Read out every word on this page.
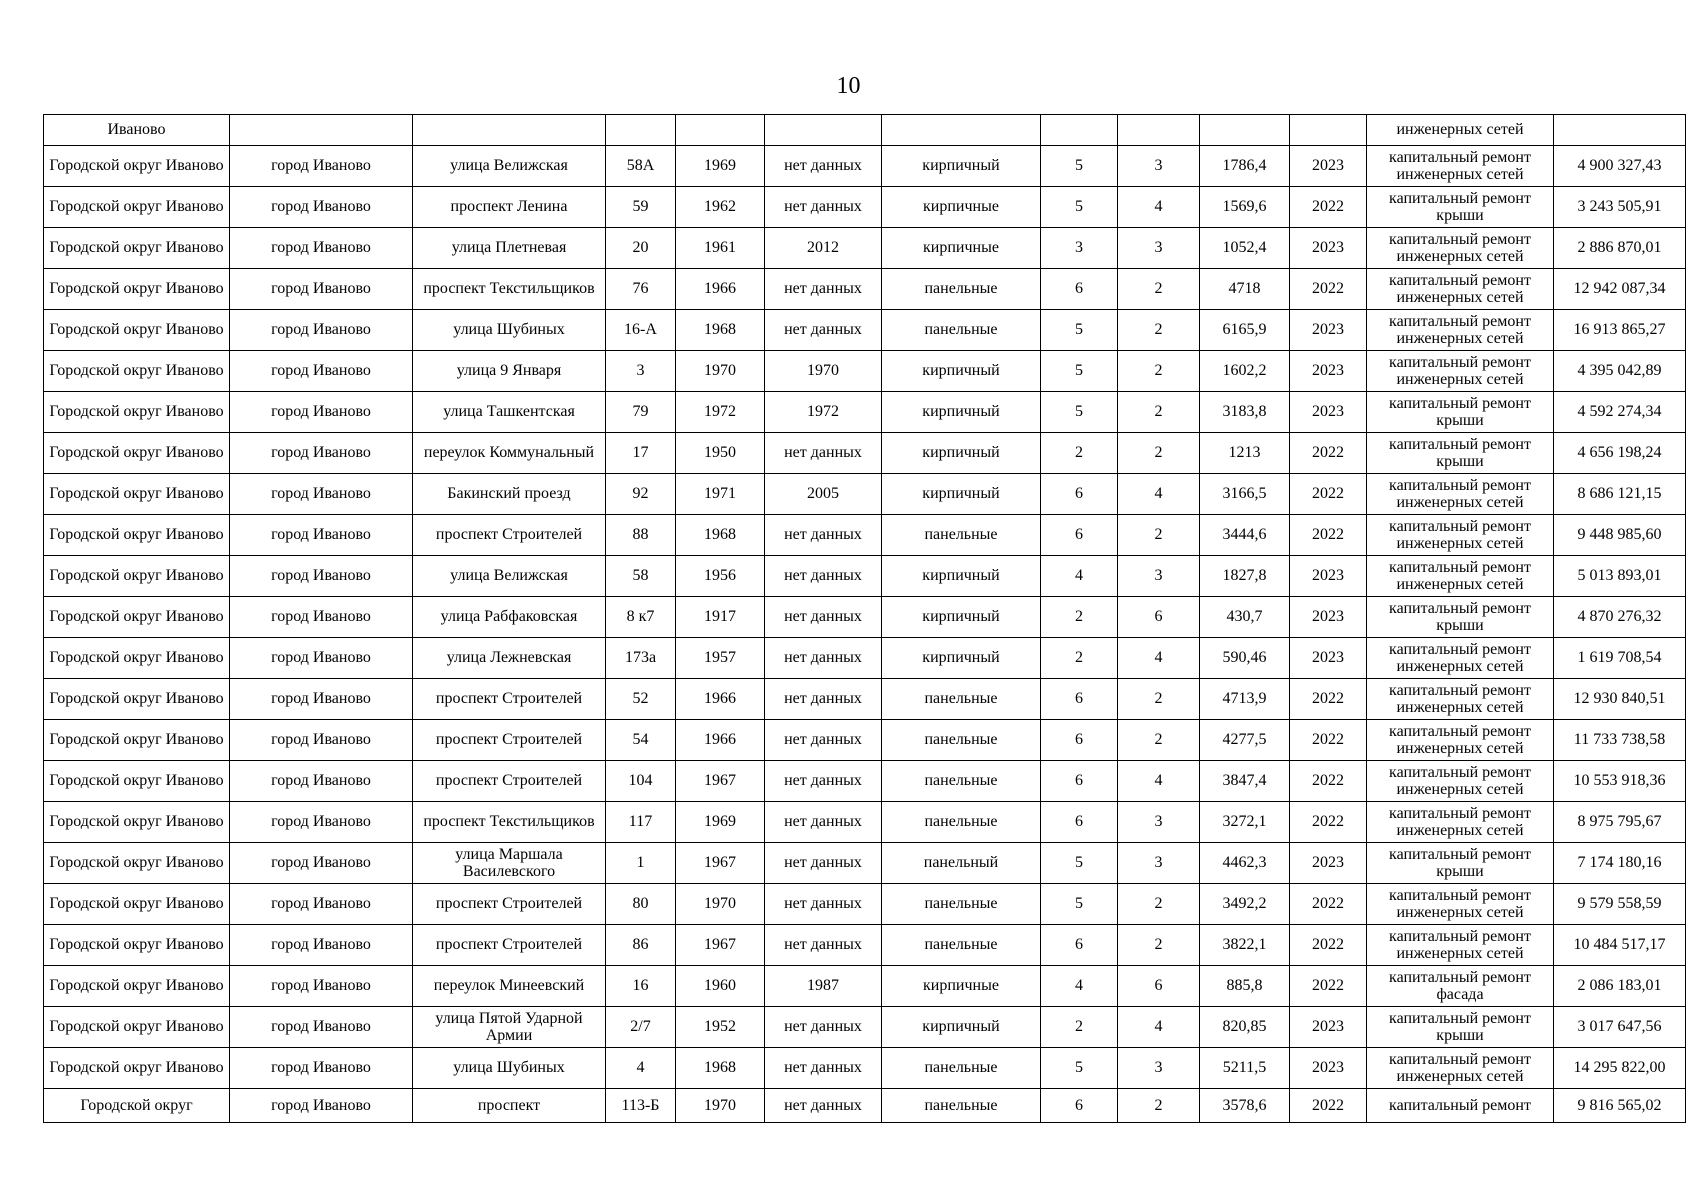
10
Иваново											инженерных сетей	
Городской округ Иваново	город Иваново	улица Велижская	58А	1969	нет данных	кирпичный	5	3	1786,4	2023	капитальный ремонт инженерных сетей	4 900 327,43
Городской округ Иваново	город Иваново	проспект Ленина	59	1962	нет данных	кирпичные	5	4	1569,6	2022	капитальный ремонт крыши	3 243 505,91
Городской округ Иваново	город Иваново	улица Плетневая	20	1961	2012	кирпичные	3	3	1052,4	2023	капитальный ремонт инженерных сетей	2 886 870,01
Городской округ Иваново	город Иваново	проспект Текстильщиков	76	1966	нет данных	панельные	6	2	4718	2022	капитальный ремонт инженерных сетей	12 942 087,34
Городской округ Иваново	город Иваново	улица Шубиных	16-А	1968	нет данных	панельные	5	2	6165,9	2023	капитальный ремонт инженерных сетей	16 913 865,27
Городской округ Иваново	город Иваново	улица 9 Января	3	1970	1970	кирпичный	5	2	1602,2	2023	капитальный ремонт инженерных сетей	4 395 042,89
Городской округ Иваново	город Иваново	улица Ташкентская	79	1972	1972	кирпичный	5	2	3183,8	2023	капитальный ремонт крыши	4 592 274,34
Городской округ Иваново	город Иваново	переулок Коммунальный	17	1950	нет данных	кирпичный	2	2	1213	2022	капитальный ремонт крыши	4 656 198,24
Городской округ Иваново	город Иваново	Бакинский проезд	92	1971	2005	кирпичный	6	4	3166,5	2022	капитальный ремонт инженерных сетей	8 686 121,15
Городской округ Иваново	город Иваново	проспект Строителей	88	1968	нет данных	панельные	6	2	3444,6	2022	капитальный ремонт инженерных сетей	9 448 985,60
Городской округ Иваново	город Иваново	улица Велижская	58	1956	нет данных	кирпичный	4	3	1827,8	2023	капитальный ремонт инженерных сетей	5 013 893,01
Городской округ Иваново	город Иваново	улица Рабфаковская	8 к7	1917	нет данных	кирпичный	2	6	430,7	2023	капитальный ремонт крыши	4 870 276,32
Городской округ Иваново	город Иваново	улица Лежневская	173а	1957	нет данных	кирпичный	2	4	590,46	2023	капитальный ремонт инженерных сетей	1 619 708,54
Городской округ Иваново	город Иваново	проспект Строителей	52	1966	нет данных	панельные	6	2	4713,9	2022	капитальный ремонт инженерных сетей	12 930 840,51
Городской округ Иваново	город Иваново	проспект Строителей	54	1966	нет данных	панельные	6	2	4277,5	2022	капитальный ремонт инженерных сетей	11 733 738,58
Городской округ Иваново	город Иваново	проспект Строителей	104	1967	нет данных	панельные	6	4	3847,4	2022	капитальный ремонт инженерных сетей	10 553 918,36
Городской округ Иваново	город Иваново	проспект Текстильщиков	117	1969	нет данных	панельные	6	3	3272,1	2022	капитальный ремонт инженерных сетей	8 975 795,67
Городской округ Иваново	город Иваново	улица Маршала Василевского	1	1967	нет данных	панельный	5	3	4462,3	2023	капитальный ремонт крыши	7 174 180,16
Городской округ Иваново	город Иваново	проспект Строителей	80	1970	нет данных	панельные	5	2	3492,2	2022	капитальный ремонт инженерных сетей	9 579 558,59
Городской округ Иваново	город Иваново	проспект Строителей	86	1967	нет данных	панельные	6	2	3822,1	2022	капитальный ремонт инженерных сетей	10 484 517,17
Городской округ Иваново	город Иваново	переулок Минеевский	16	1960	1987	кирпичные	4	6	885,8	2022	капитальный ремонт фасада	2 086 183,01
Городской округ Иваново	город Иваново	улица Пятой Ударной Армии	2/7	1952	нет данных	кирпичный	2	4	820,85	2023	капитальный ремонт крыши	3 017 647,56
Городской округ Иваново	город Иваново	улица Шубиных	4	1968	нет данных	панельные	5	3	5211,5	2023	капитальный ремонт инженерных сетей	14 295 822,00
Городской округ	город Иваново	проспект	113-Б	1970	нет данных	панельные	6	2	3578,6	2022	капитальный ремонт	9 816 565,02
